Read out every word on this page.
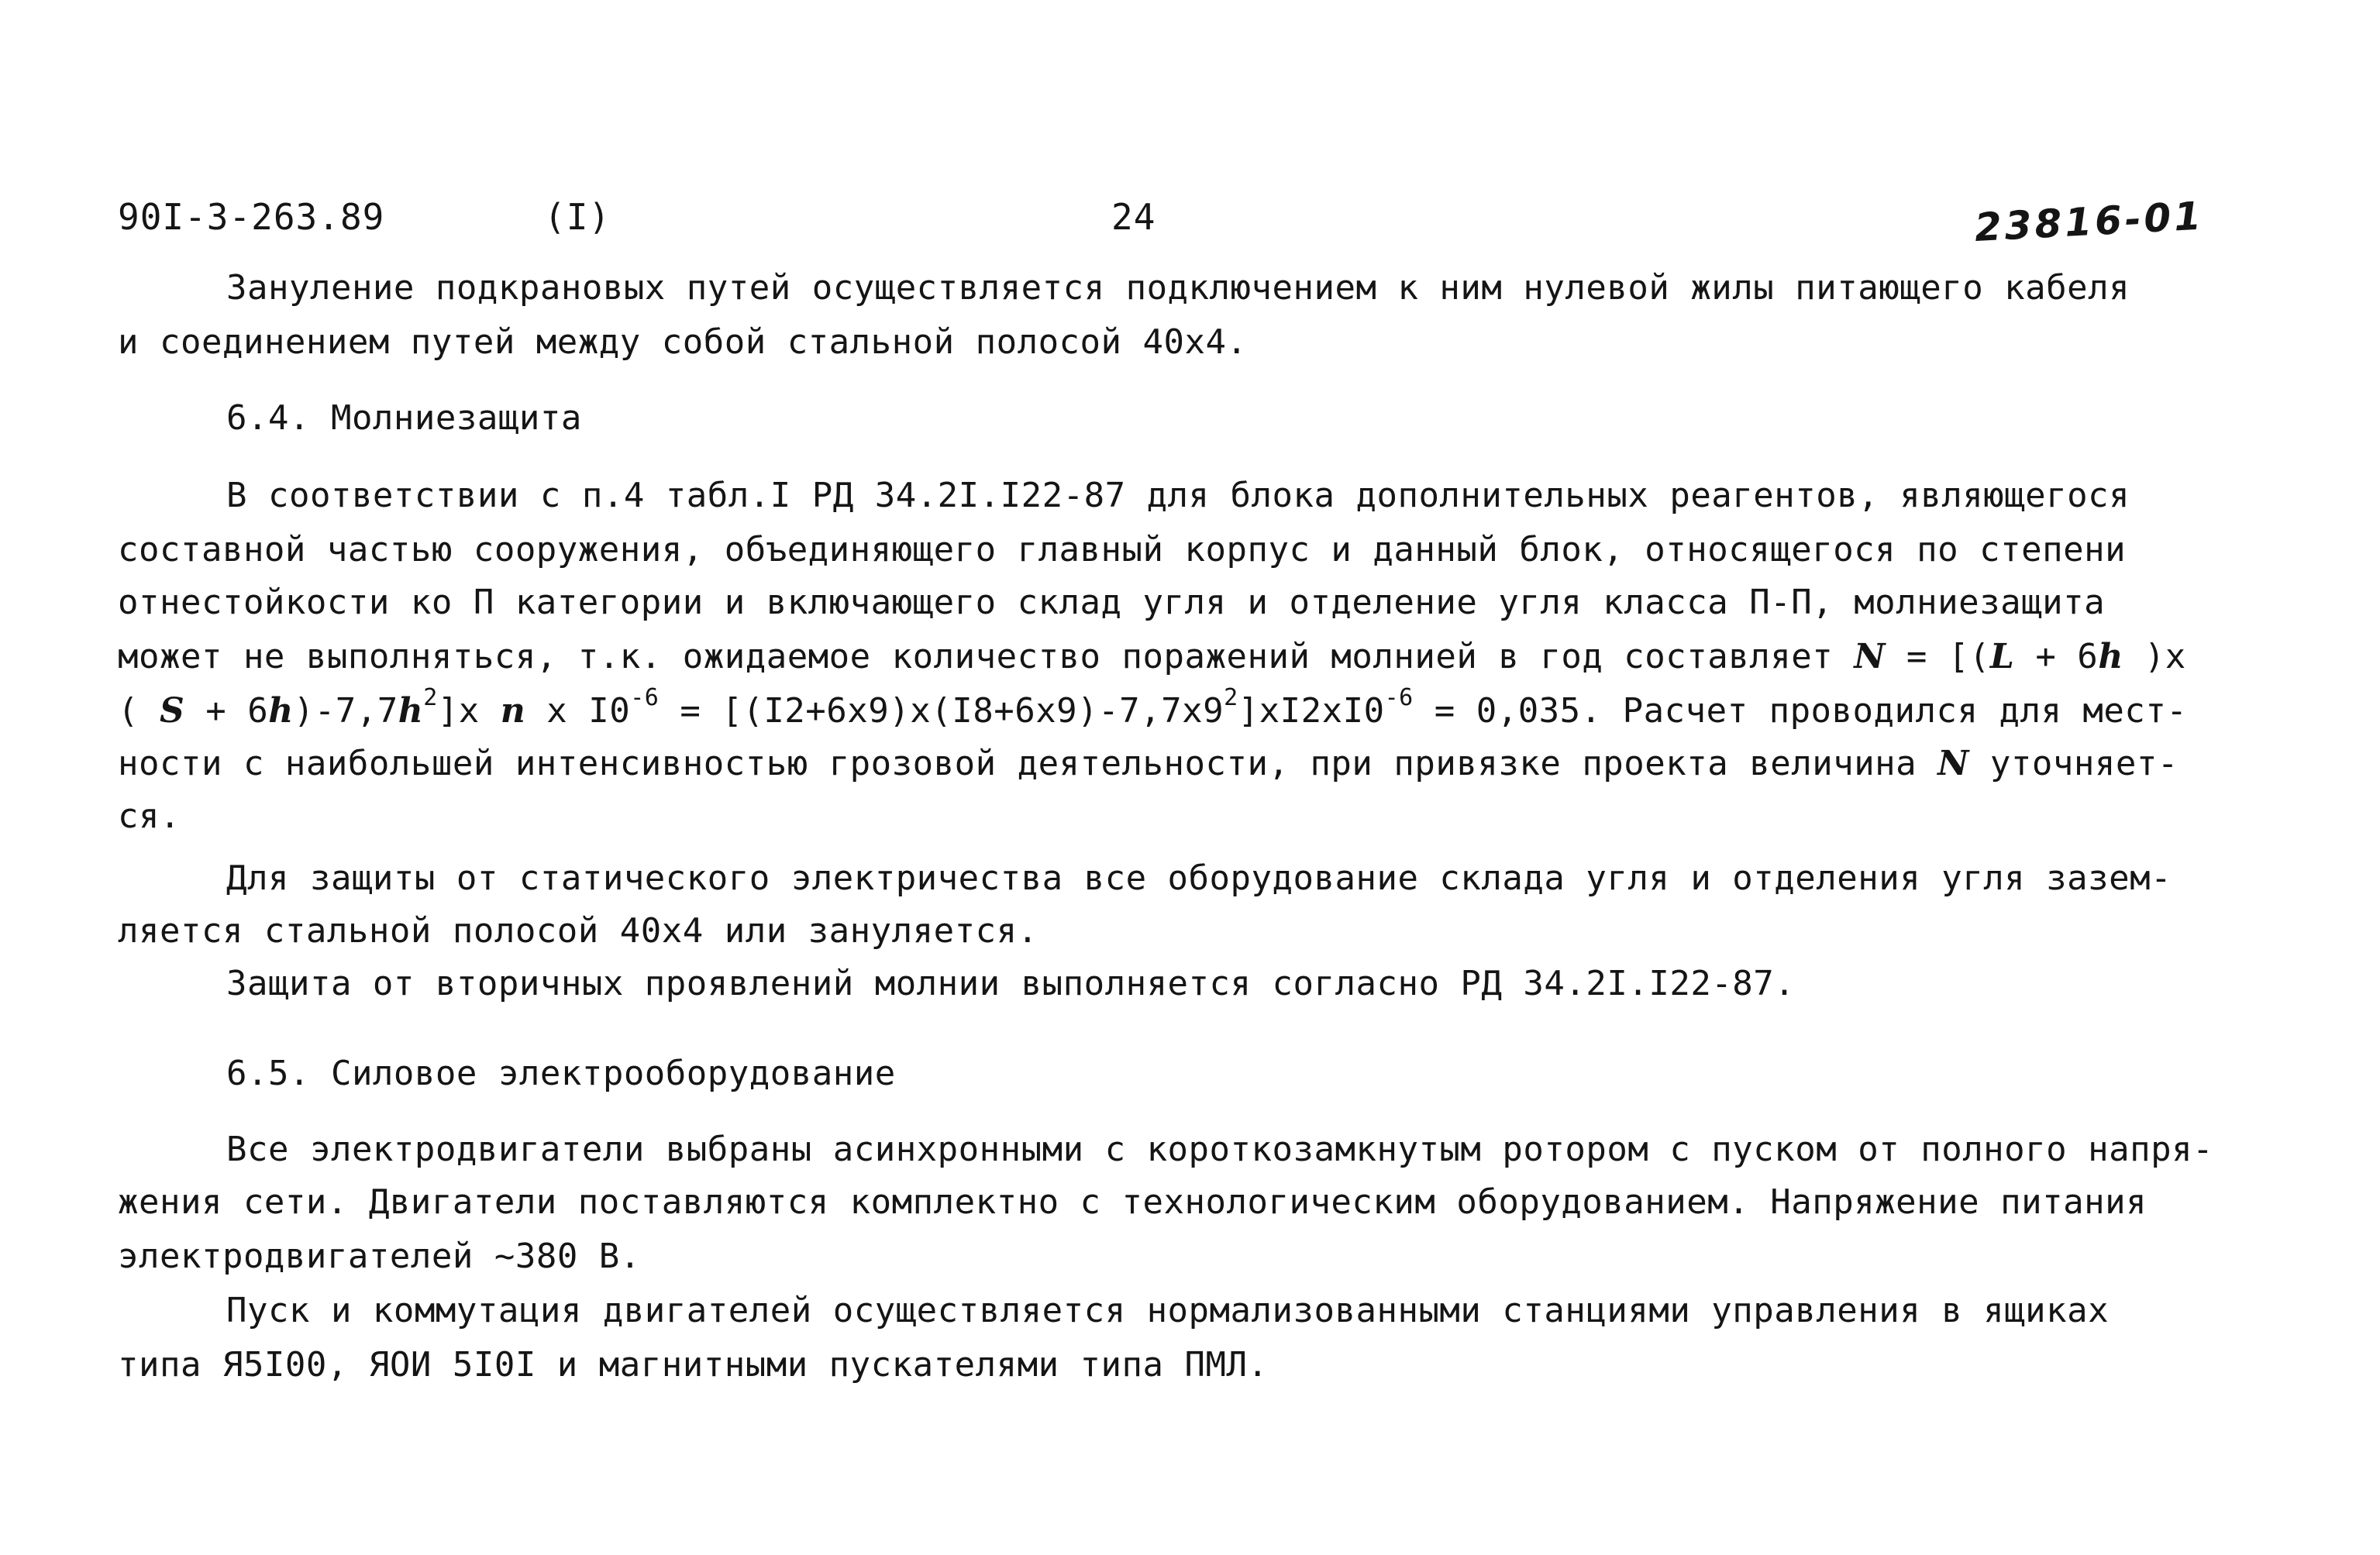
90I-3-263.89	(I)	24	23816-01
Зануление подкрановых путей осуществляется подключением к ним нулевой жилы питающего кабеля
и соединением путей между собой стальной полосой 40х4.
6.4. Молниезащита
В соответствии с п.4 табл.I РД 34.2I.I22-87 для блока дополнительных реагентов, являющегося
составной частью сооружения, объединяющего главный корпус и данный блок, относящегося по степени
отнестойкости ко П категории и включающего склад угля и отделение угля класса П-П, молниезащита
может не выполняться, т.к. ожидаемое количество поражений молнией в год составляет N = [(L + 6h )х
( $S + 6h)-7,7h^2]х$ n х $I0^{-6} = [(I2+6х9)х(I8+6х9)-7,7х9^2]хI2хI0^{-6} = 0,035$. Расчет проводился для мест-
ности с наибольшей интенсивностью грозовой деятельности, при привязке проекта величина N уточняет-
ся.
Для защиты от статического электричества все оборудование склада угля и отделения угля зазем-
ляется стальной полосой 40х4 или зануляется.
Защита от вторичных проявлений молнии выполняется согласно РД 34.2I.I22-87.
6.5. Силовое электрооборудование
Все электродвигатели выбраны асинхронными с короткозамкнутым ротором с пуском от полного напря-
жения сети. Двигатели поставляются комплектно с технологическим оборудованием. Напряжение питания
электродвигателей ~380 В.
Пуск и коммутация двигателей осуществляется нормализованными станциями управления в ящиках
типа Я5I00, ЯОИ 5I0I и магнитными пускателями типа ПМЛ.
